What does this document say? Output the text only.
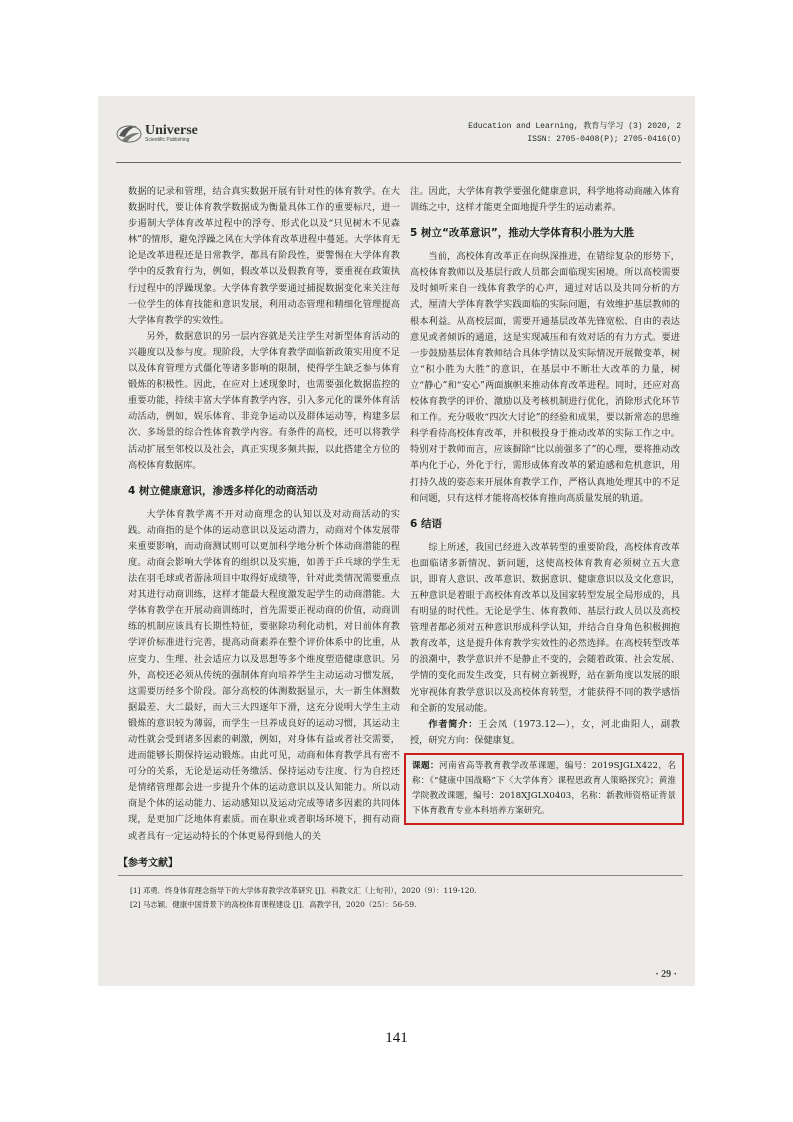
Universe
Scientific Publishing
Education and Learning, 教育与学习 (3) 2020, 2
ISSN: 2705-0408(P); 2705-0416(O)

数据的记录和管理，结合真实数据开展有针对性的体育教学。在大数据时代，要让体育教学数据成为衡量具体工作的重要标尺，进一步遏制大学体育改革过程中的浮夸、形式化以及“只见树木不见森林”的情形，避免浮躁之风在大学体育改革进程中蔓延。大学体育无论是改革进程还是日常教学，都具有阶段性，要警惕在大学体育教学中的反教育行为，例如，假改革以及假教育等，要重视在政策执行过程中的浮躁现象。大学体育教学要通过捕捉数据变化来关注每一位学生的体育技能和意识发展，利用动态管理和精细化管理提高大学体育教学的实效性。

另外，数据意识的另一层内容就是关注学生对新型体育活动的兴趣度以及参与度。现阶段，大学体育教学面临新政策实用度不足以及体育管理方式僵化等诸多影响的限制，使得学生缺乏参与体育锻炼的积极性。因此，在应对上述现象时，也需要强化数据监控的重要功能，持续丰富大学体育教学内容，引入多元化的课外体育活动活动，例如，娱乐体育、非竞争运动以及群体运动等，构建多层次、多场景的综合性体育教学内容。有条件的高校，还可以将教学活动扩展至邻校以及社会，真正实现多频共振，以此搭建全方位的高校体育数据库。

4 树立健康意识，渗透多样化的动商活动

大学体育教学离不开对动商理念的认知以及对动商活动的实践。动商指的是个体的运动意识以及运动潜力，动商对个体发展带来重要影响，而动商测试则可以更加科学地分析个体动商潜能的程度。动商会影响大学体育的组织以及实施，如善于乒乓球的学生无法在羽毛球或者游泳项目中取得好成绩等，针对此类情况需要重点对其进行动商训练，这样才能最大程度激发起学生的动商潜能。大学体育教学在开展动商训练时，首先需要正视动商的价值，动商训练的机制应该具有长期性特征，要驱除功利化动机，对日前体育教学评价标准进行完善，提高动商素养在整个评价体系中的比重，从应变力、生理、社会适应力以及思想等多个维度塑造健康意识。另外，高校还必须从传统的强制体育向培养学生主动运动习惯发展，这需要历经多个阶段。部分高校的体测数据显示，大一新生体测数据最差、大二最好，而大三大四逐年下滑，这充分说明大学生主动锻炼的意识较为薄弱，而学生一旦养成良好的运动习惯，其运动主动性就会受到诸多因素的刺激，例如，对身体有益或者社交需要，进而能够长期保持运动锻炼。由此可见，动商和体育教学具有密不可分的关系，无论是运动任务缴活、保持运动专注度、行为自控还是情绪管理都会进一步提升个体的运动意识以及认知能力。所以动商是个体的运动能力、运动感知以及运动完成等诸多因素的共同体现，是更加广泛地体育素质。而在职业或者职场环境下，拥有动商或者具有一定运动特长的个体更易得到他人的关

注。因此，大学体育教学要强化健康意识，科学地将动商融入体育训练之中，这样才能更全面地提升学生的运动素养。

5 树立“改革意识”，推动大学体育积小胜为大胜

当前，高校体育改革正在向纵深推进，在错综复杂的形势下，高校体育教师以及基层行政人员都会面临现实困境。所以高校需要及时倾听来自一线体育教学的心声，通过对话以及共同分析的方式，厘清大学体育教学实践面临的实际问题，有效维护基层教师的根本利益。从高校层面，需要开通基层改革先锋宽松、自由的表达意见或者倾诉的通道，这是实现减压和有效对话的有力方式。要进一步鼓励基层体育教师结合具体学情以及实际情况开展微变革，树立“积小胜为大胜”的意识，在基层中不断壮大改革的力量，树立“静心”和“安心”两面旗帜来推动体育改革进程。同时，还应对高校体育教学的评价、激励以及考核机制进行优化，消除形式化环节和工作。充分吸收“四次大讨论”的经验和成果，要以新常态的思维科学看待高校体育改革，并积极投身于推动改革的实际工作之中。特别对于教师而言，应该摒除“比以前强多了”的心理，要将推动改革内化于心，外化于行，需形成体育改革的紧迫感和危机意识，用打持久战的姿态来开展体育教学工作，严格认真地处理其中的不足和问题，只有这样才能将高校体育推向高质量发展的轨道。

6 结语

综上所述，我国已经进入改革转型的重要阶段，高校体育改革也面临诸多新情况、新问题，这使高校体育教育必须树立五大意识，即育人意识、改革意识、数据意识、健康意识以及文化意识，五种意识是着眼于高校体育改革以及国家转型发展全局形成的，具有明显的时代性。无论是学生、体育教师、基层行政人员以及高校管理者都必须对五种意识形成科学认知，并结合自身角色积极拥抱教育改革，这是提升体育教学实效性的必然选择。在高校转型改革的浪潮中，教学意识并不是静止不变的，会随着政策、社会发展、学情的变化而发生改变，只有树立新视野，站在新角度以发展的眼光审视体育教学意识以及高校体育转型，才能获得不同的教学感悟和全新的发展动能。

作者简介：王会凤（1973.12—），女，河北曲阳人，副教授，研究方向：保健康复。

课题：河南省高等教育教学改革课题，编号：2019SJGLX422，名称：《“健康中国战略”下〈大学体育〉课程思政育人策略探究》；黄淮学院教改课题，编号：2018XJGLX0403，名称：新教师资格证背景下体育教育专业本科培养方案研究。
【参考文献】
[1] 邓勇．终身体育理念指导下的大学体育教学改革研究 [J]．科教文汇（上旬刊），2020（9）：119-120.
[2] 马志颖．健康中国背景下的高校体育课程建设 [J]．高教学刊，2020（25）：56-59.
· 29 ·
141
